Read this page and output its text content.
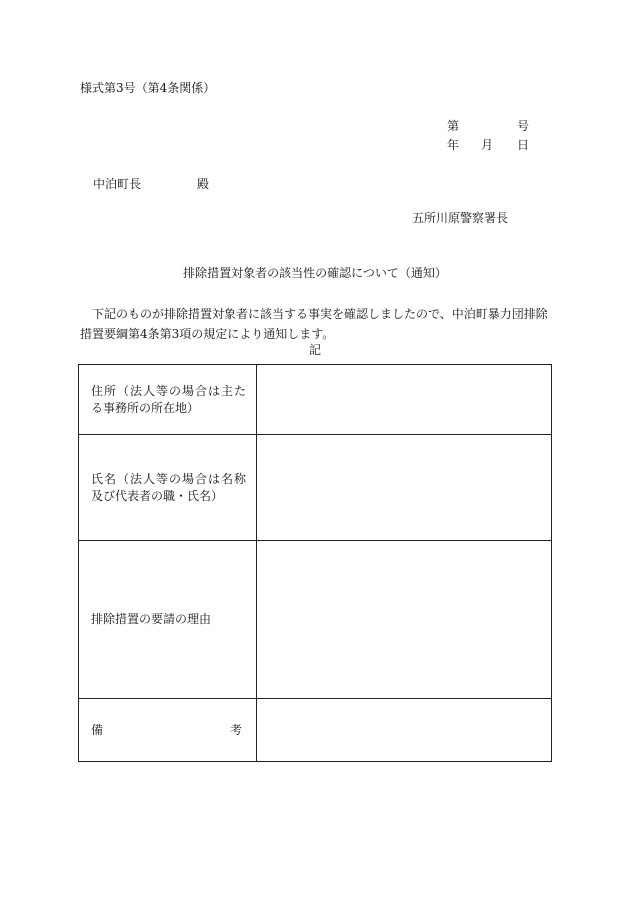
様式第3号（第4条関係）
第	号
年 月 日
中泊町長	殿
五所川原警察署長
排除措置対象者の該当性の確認について（通知）
下記のものが排除措置対象者に該当する事実を確認しましたので、中泊町暴力団排除措置要綱第4条第3項の規定により通知します。
記
住所（法人等の場合は主たる事務所の所在地）	

氏名（法人等の場合は名称及び代表者の職・氏名）	

排除措置の要請の理由	

備 考	
